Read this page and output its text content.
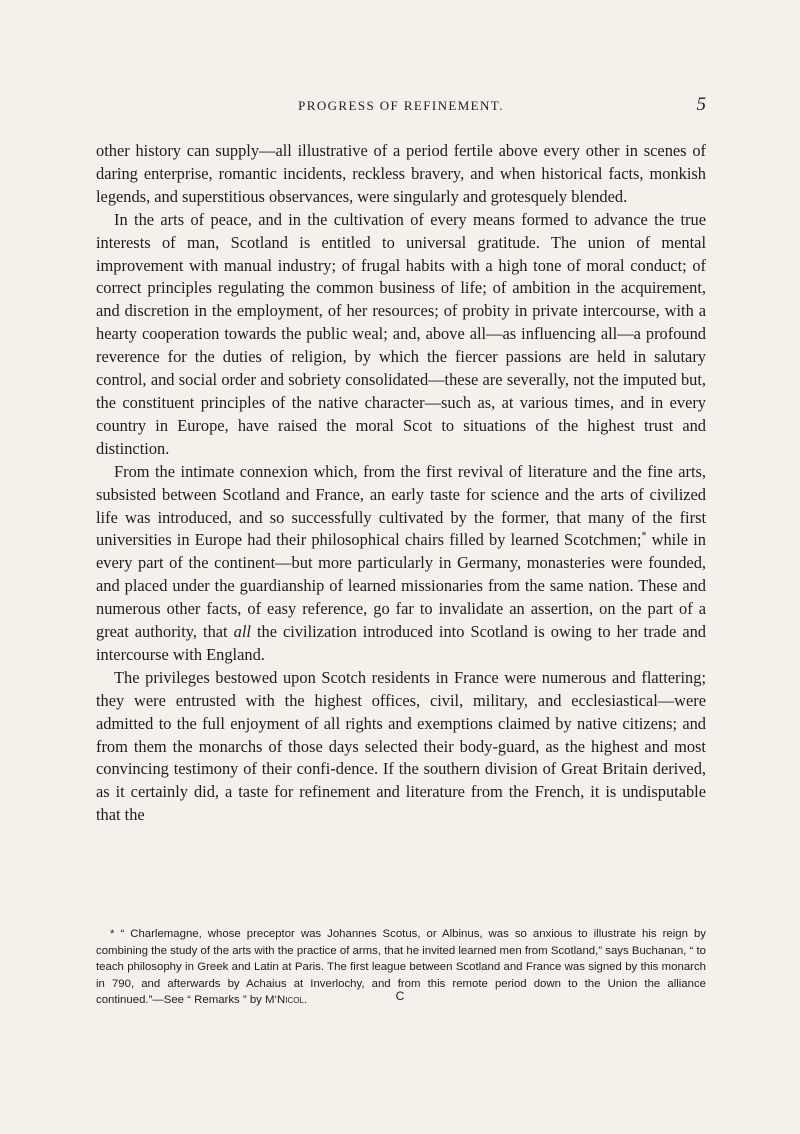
PROGRESS OF REFINEMENT.	5

other history can supply—all illustrative of a period fertile above every other in scenes of daring enterprise, romantic incidents, reckless bravery, and when historical facts, monkish legends, and superstitious observances, were singularly and grotesquely blended.

In the arts of peace, and in the cultivation of every means formed to advance the true interests of man, Scotland is entitled to universal gratitude. The union of mental improvement with manual industry; of frugal habits with a high tone of moral conduct; of correct principles regulating the common business of life; of ambition in the acquirement, and discretion in the employment, of her resources; of probity in private intercourse, with a hearty cooperation towards the public weal; and, above all—as influencing all—a profound reverence for the duties of religion, by which the fiercer passions are held in salutary control, and social order and sobriety consolidated—these are severally, not the imputed but, the constituent principles of the native character—such as, at various times, and in every country in Europe, have raised the moral Scot to situations of the highest trust and distinction.

From the intimate connexion which, from the first revival of literature and the fine arts, subsisted between Scotland and France, an early taste for science and the arts of civilized life was introduced, and so successfully cultivated by the former, that many of the first universities in Europe had their philosophical chairs filled by learned Scotchmen;* while in every part of the continent—but more particularly in Germany, monasteries were founded, and placed under the guardianship of learned missionaries from the same nation. These and numerous other facts, of easy reference, go far to invalidate an assertion, on the part of a great authority, that all the civilization introduced into Scotland is owing to her trade and intercourse with England.

The privileges bestowed upon Scotch residents in France were numerous and flattering; they were entrusted with the highest offices, civil, military, and ecclesiastical—were admitted to the full enjoyment of all rights and exemptions claimed by native citizens; and from them the monarchs of those days selected their body-guard, as the highest and most convincing testimony of their confi-dence. If the southern division of Great Britain derived, as it certainly did, a taste for refinement and literature from the French, it is undisputable that the

* “ Charlemagne, whose preceptor was Johannes Scotus, or Albinus, was so anxious to illustrate his reign by combining the study of the arts with the practice of arms, that he invited learned men from Scotland,” says Buchanan, “ to teach philosophy in Greek and Latin at Paris. The first league between Scotland and France was signed by this monarch in 790, and afterwards by Achaius at Inverlochy, and from this remote period down to the Union the alliance continued.”—See “ Remarks ” by M‘Nicol.	C
